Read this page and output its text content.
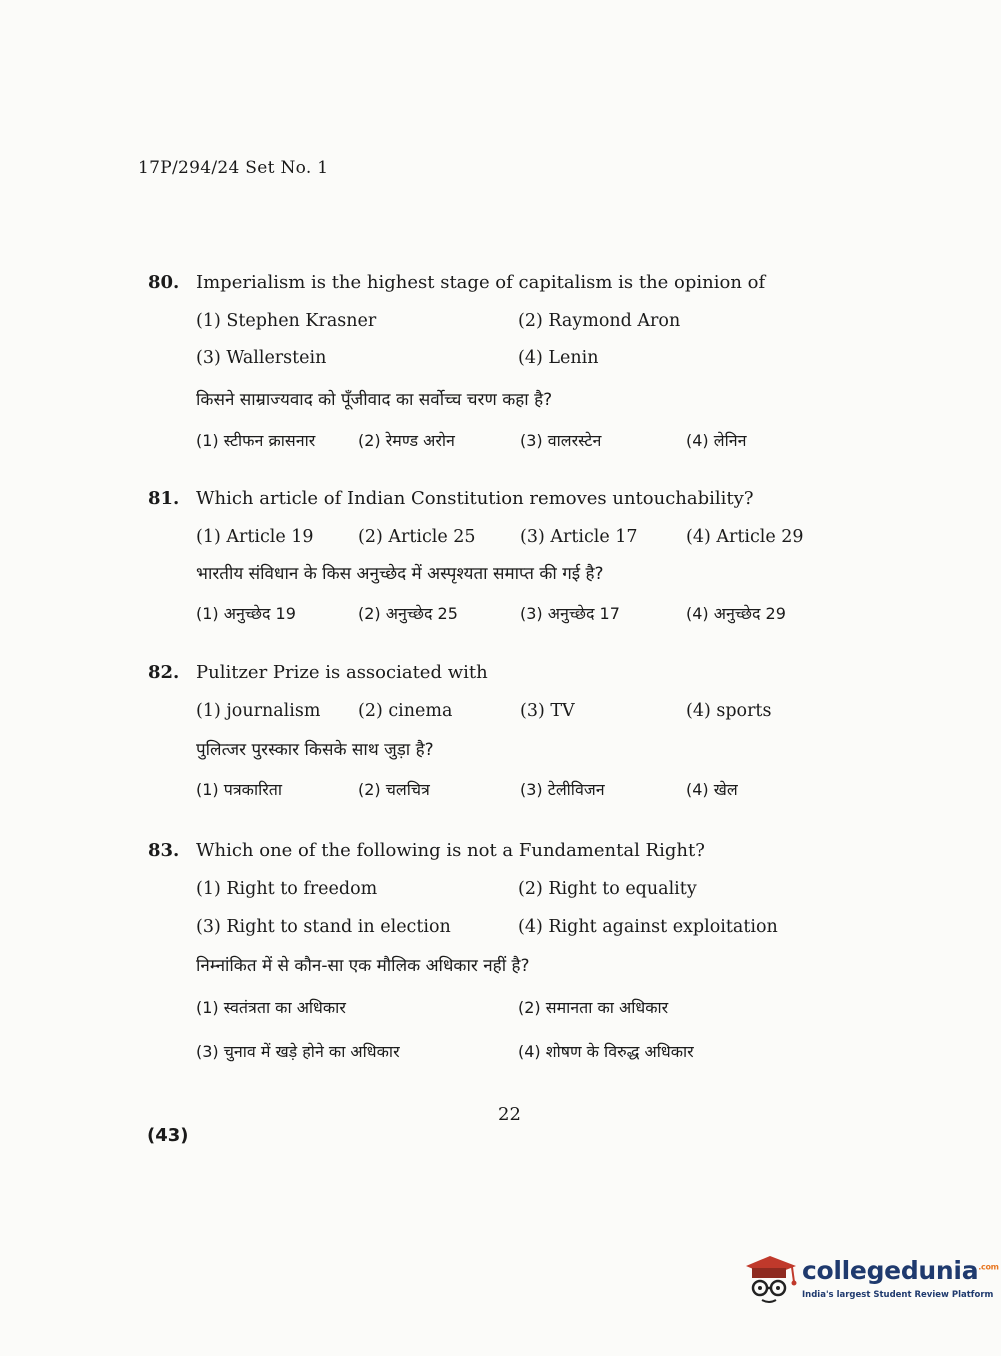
17P/294/24 Set No. 1
80. Imperialism is the highest stage of capitalism is the opinion of
(1) Stephen Krasner	(2) Raymond Aron
(3) Wallerstein	(4) Lenin
किसने साम्राज्यवाद को पूँजीवाद का सर्वोच्च चरण कहा है?
(1) स्टीफन क्रासनार	(2) रेमण्ड अरोन	(3) वालरस्टेन	(4) लेनिन
81. Which article of Indian Constitution removes untouchability?
(1) Article 19	(2) Article 25	(3) Article 17	(4) Article 29
भारतीय संविधान के किस अनुच्छेद में अस्पृश्यता समाप्त की गई है?
(1) अनुच्छेद 19	(2) अनुच्छेद 25	(3) अनुच्छेद 17	(4) अनुच्छेद 29
82. Pulitzer Prize is associated with
(1) journalism	(2) cinema	(3) TV	(4) sports
पुलित्जर पुरस्कार किसके साथ जुड़ा है?
(1) पत्रकारिता	(2) चलचित्र	(3) टेलीविजन	(4) खेल
83. Which one of the following is not a Fundamental Right?
(1) Right to freedom	(2) Right to equality
(3) Right to stand in election	(4) Right against exploitation
निम्नांकित में से कौन-सा एक मौलिक अधिकार नहीं है?
(1) स्वतंत्रता का अधिकार	(2) समानता का अधिकार
(3) चुनाव में खड़े होने का अधिकार	(4) शोषण के विरुद्ध अधिकार
22
(43)
collegedunia$^{.com}$
India's largest Student Review Platform
